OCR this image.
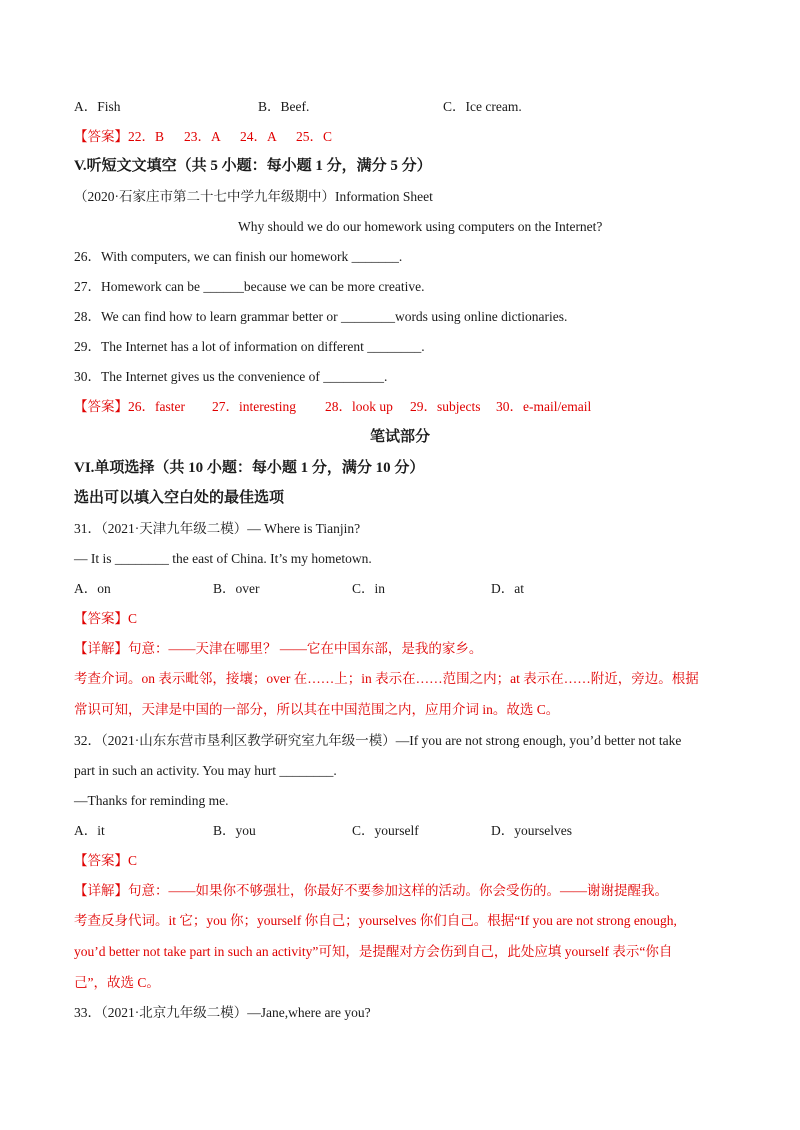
A．Fish	B．Beef.	C．Ice cream.
【答案】22．B 23．A 24．A 25．C
V.听短文文填空（共 5 小题：每小题 1 分，满分 5 分）
（2020·石家庄市第二十七中学九年级期中）Information Sheet
Why should we do our homework using computers on the Internet?
26．With computers, we can finish our homework _______.
27．Homework can be ______because we can be more creative.
28．We can find how to learn grammar better or ________words using online dictionaries.
29．The Internet has a lot of information on different ________.
30．The Internet gives us the convenience of _________.
【答案】26．faster 27．interesting 28．look up 29．subjects 30．e-mail/email
笔试部分
VI.单项选择（共 10 小题：每小题 1 分，满分 10 分）
选出可以填入空白处的最佳选项
31．（2021·天津九年级二模）— Where is Tianjin?
— It is ________ the east of China. It’s my hometown.
A．on	B．over	C．in	D．at
【答案】C
【详解】句意：——天津在哪里？ ——它在中国东部，是我的家乡。
考查介词。on 表示毗邻，接壤；over 在……上；in 表示在……范围之内；at 表示在……附近，旁边。根据
常识可知，天津是中国的一部分，所以其在中国范围之内，应用介词 in。故选 C。
32．（2021·山东东营市垦利区教学研究室九年级一模）—If you are not strong enough, you’d better not take
part in such an activity. You may hurt ________.
—Thanks for reminding me.
A．it	B．you	C．yourself	D．yourselves
【答案】C
【详解】句意：——如果你不够强壮，你最好不要参加这样的活动。你会受伤的。——谢谢提醒我。
考查反身代词。it 它；you 你；yourself 你自己；yourselves 你们自己。根据“If you are not strong enough,
you’d better not take part in such an activity”可知，是提醒对方会伤到自己，此处应填 yourself 表示“你自
己”，故选 C。
33．（2021·北京九年级二模）—Jane,where are you?
